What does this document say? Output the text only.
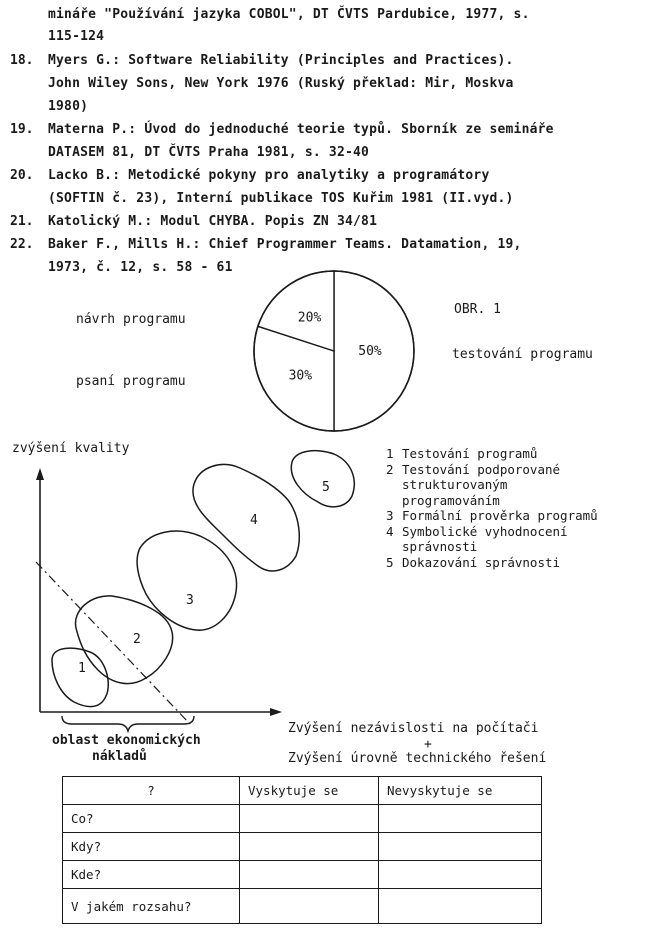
mináře "Používání jazyka COBOL", DT ČVTS Pardubice, 1977, s.
115-124
18. Myers G.: Software Reliability (Principles and Practices).
John Wiley Sons, New York 1976 (Ruský překlad: Mir, Moskva
1980)
19. Materna P.: Úvod do jednoduché teorie typů. Sborník ze semináře
DATASEM 81, DT ČVTS Praha 1981, s. 32-40
20. Lacko B.: Metodické pokyny pro analytiky a programátory
(SOFTIN č. 23), Interní publikace TOS Kuřim 1981 (II.vyd.)
21. Katolický M.: Modul CHYBA. Popis ZN 34/81
22. Baker F., Mills H.: Chief Programmer Teams. Datamation, 19,
1973, č. 12, s. 58 - 61
návrh programu
psaní programu
testování programu
OBR. 1
50%
30%
20%
zvýšení kvality
1
2
3
4
5
oblast ekonomických
nákladů
Zvýšení nezávislosti na počítači
+
Zvýšení úrovně technického řešení
1 Testování programů
2 Testování podporované strukturovaným programováním
3 Formální prověrka programů
4 Symbolické vyhodnocení správnosti
5 Dokazování správnosti
?	Vyskytuje se	Nevyskytuje se
Co?		
Kdy?		
Kde?		
V jakém rozsahu?		
